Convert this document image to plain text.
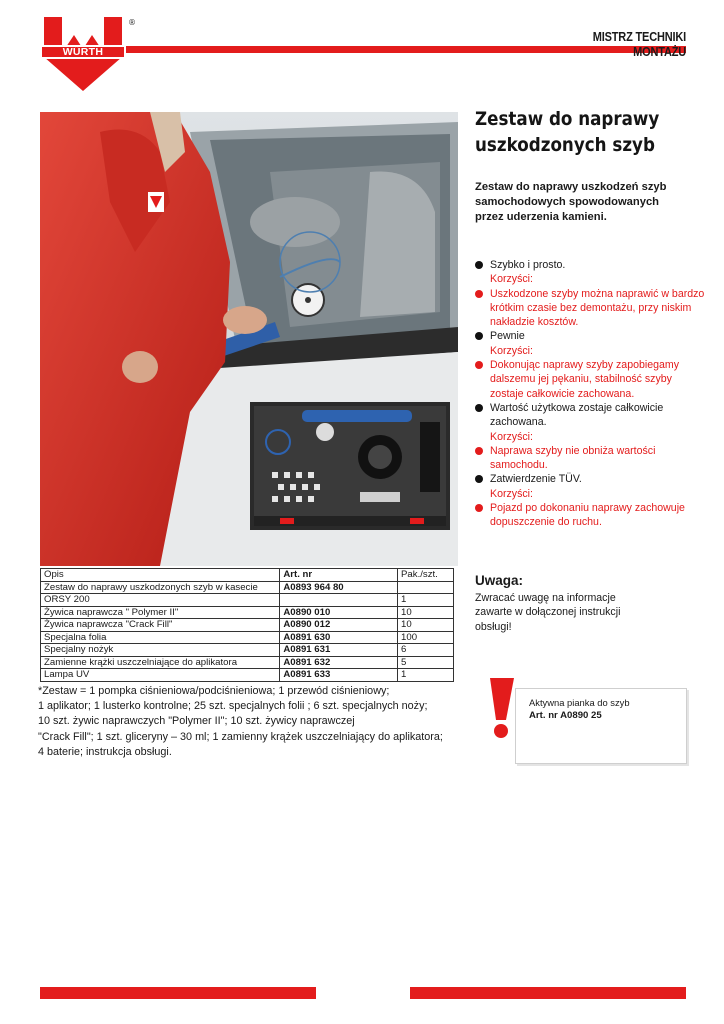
WÜRTH
®
MISTRZ TECHNIKI
MONTAŻU
Zestaw do naprawy uszkodzonych szyb
Zestaw do naprawy uszkodzeń szyb samochodowych spowodowanych przez uderzenia kamieni.
Szybko i prosto.
Korzyści:
Uszkodzone szyby można naprawić w bardzo krótkim czasie bez demontażu, przy niskim nakładzie kosztów.
Pewnie
Korzyści:
Dokonując naprawy szyby zapobiegamy dalszemu jej pękaniu, stabilność szyby zostaje całkowicie zachowana.
Wartość użytkowa zostaje całkowicie zachowana.
Korzyści:
Naprawa szyby nie obniża wartości samochodu.
Zatwierdzenie TÜV.
Korzyści:
Pojazd po dokonaniu naprawy zachowuje dopuszczenie do ruchu.
Opis	Art. nr	Pak./szt.
Zestaw do naprawy uszkodzonych szyb w kasecie	A0893 964 80	
ORSY 200		1
Żywica naprawcza " Polymer II"	A0890 010	10
Żywica naprawcza "Crack Fill"	A0890 012	10
Specjalna folia	A0891 630	100
Specjalny nożyk	A0891 631	6
Zamienne krążki uszczelniające do aplikatora	A0891 632	5
Lampa UV	A0891 633	1
*Zestaw = 1 pompka ciśnieniowa/podciśnieniowa; 1 przewód ciśnieniowy;
1 aplikator; 1 lusterko kontrolne; 25 szt. specjalnych folii ; 6 szt. specjalnych noży;
10 szt. żywic naprawczych "Polymer II"; 10 szt. żywicy naprawczej
"Crack Fill"; 1 szt. gliceryny – 30 ml; 1 zamienny krążek uszczelniający do aplikatora;
4 baterie; instrukcja obsługi.
Uwaga:
Zwracać uwagę na informacje zawarte w dołączonej instrukcji obsługi!
Aktywna pianka do szyb
Art. nr A0890 25
